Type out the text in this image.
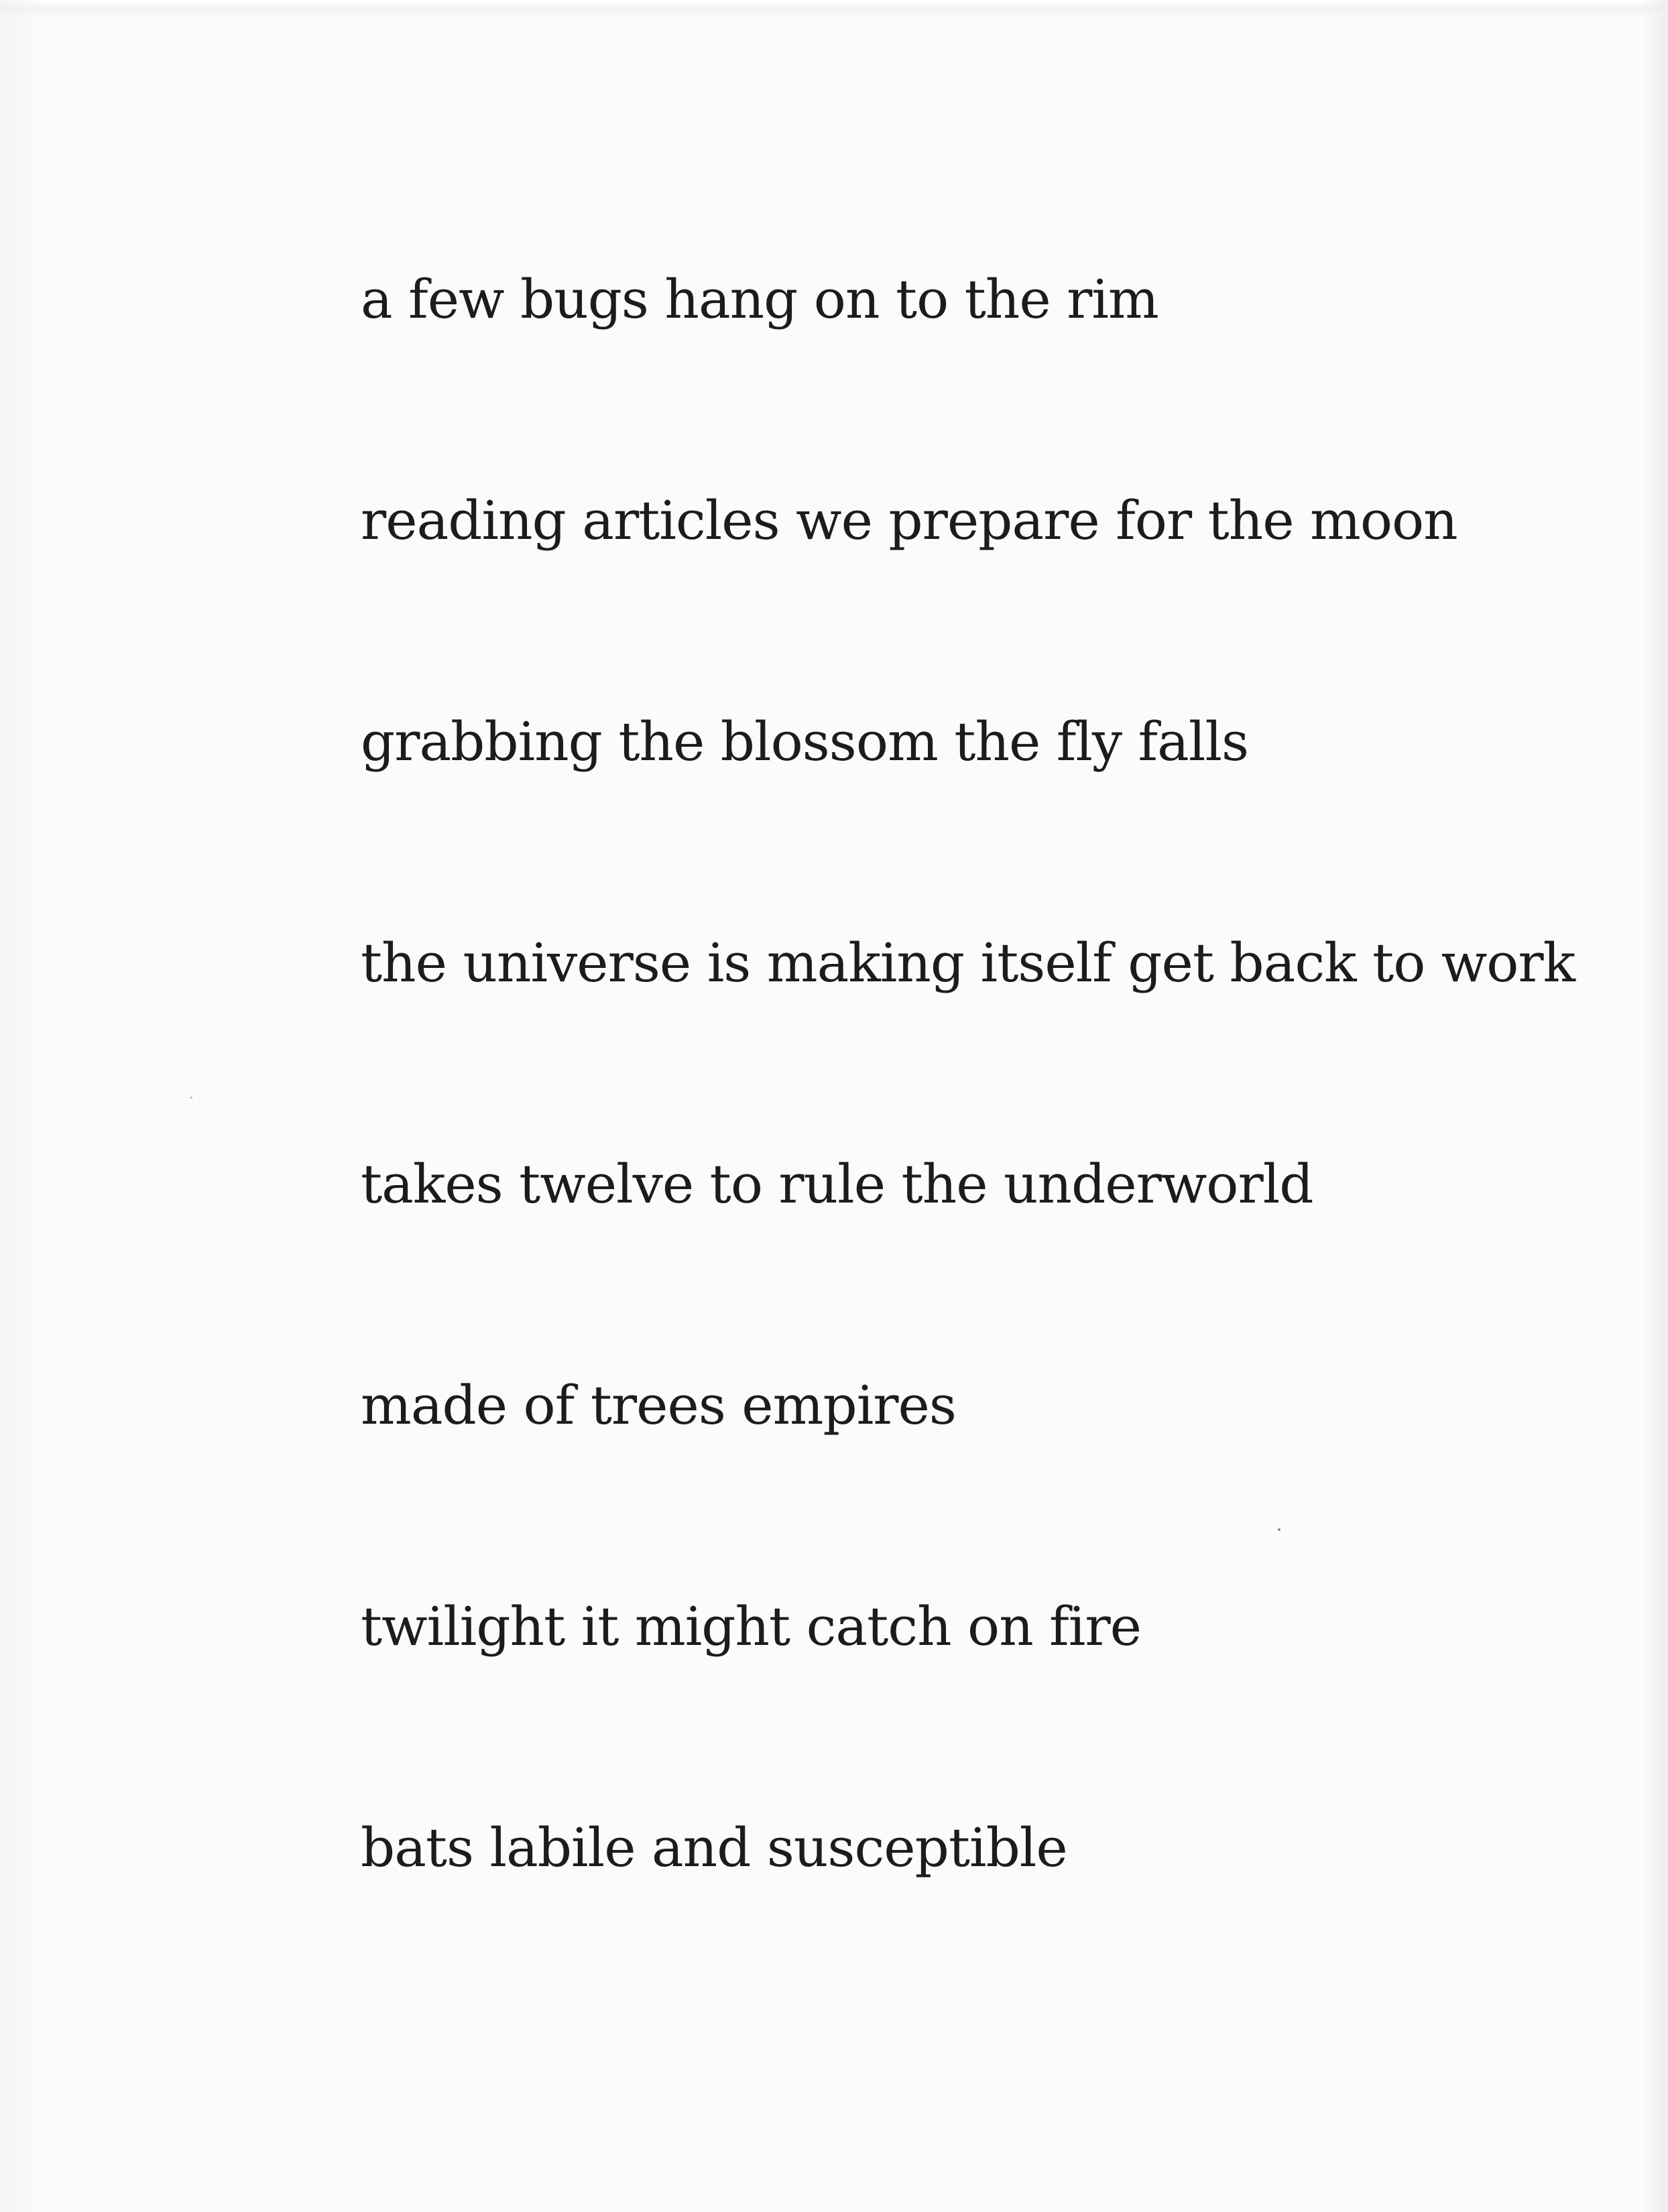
a few bugs hang on to the rim
reading articles we prepare for the moon
grabbing the blossom the fly falls
the universe is making itself get back to work
takes twelve to rule the underworld
made of trees empires
twilight it might catch on fire
bats labile and susceptible
